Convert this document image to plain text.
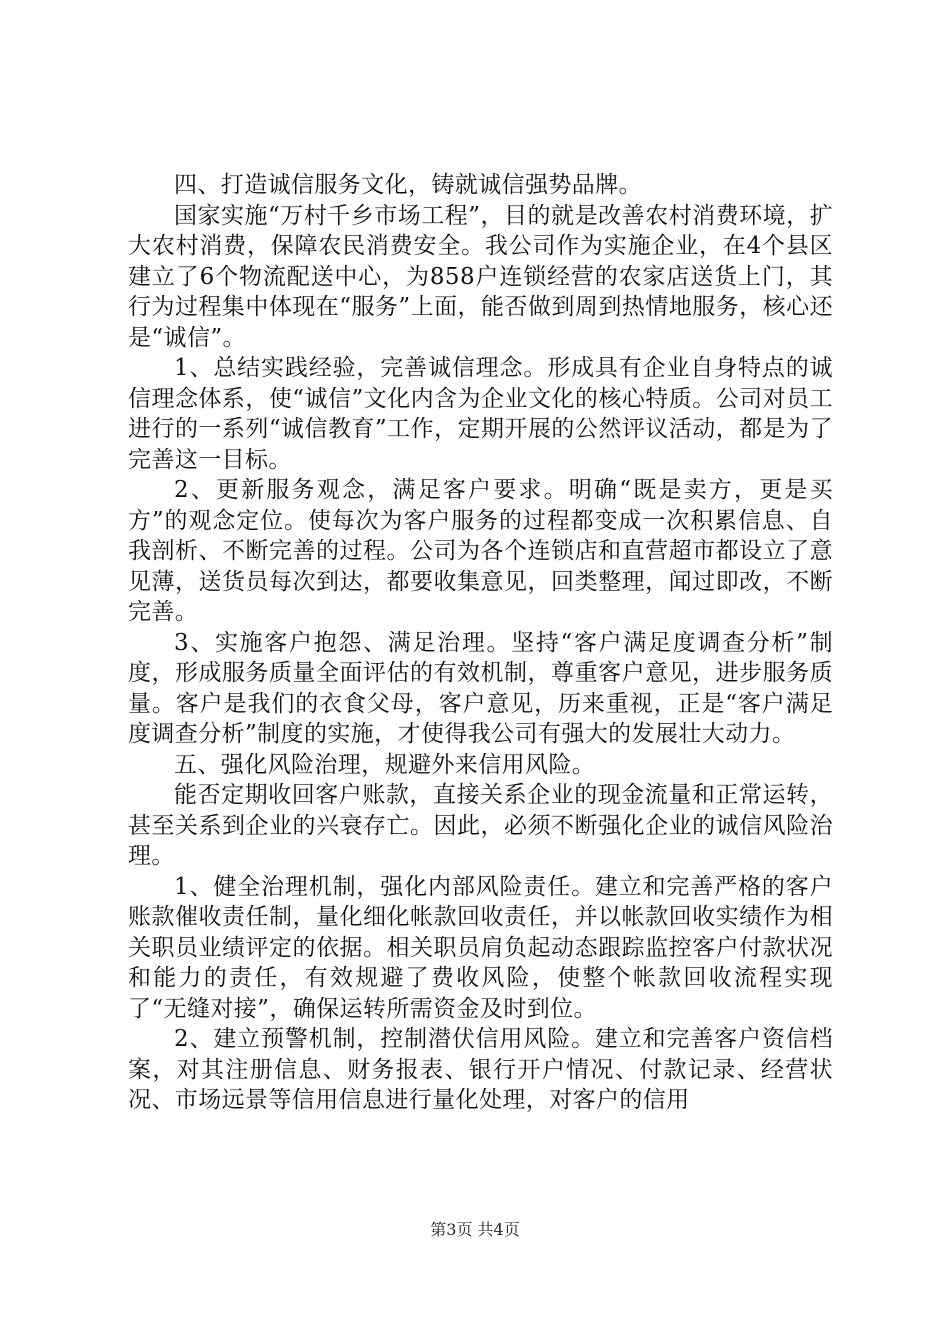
四、打造诚信服务文化，铸就诚信强势品牌。

国家实施“万村千乡市场工程”，目的就是改善农村消费环境，扩大农村消费，保障农民消费安全。我公司作为实施企业，在4个县区建立了6个物流配送中心，为858户连锁经营的农家店送货上门，其行为过程集中体现在“服务”上面，能否做到周到热情地服务，核心还是“诚信”。

1、总结实践经验，完善诚信理念。形成具有企业自身特点的诚信理念体系，使“诚信”文化内含为企业文化的核心特质。公司对员工进行的一系列“诚信教育”工作，定期开展的公然评议活动，都是为了完善这一目标。

2、更新服务观念，满足客户要求。明确“既是卖方，更是买方”的观念定位。使每次为客户服务的过程都变成一次积累信息、自我剖析、不断完善的过程。公司为各个连锁店和直营超市都设立了意见薄，送货员每次到达，都要收集意见，回类整理，闻过即改，不断完善。

3、实施客户抱怨、满足治理。坚持“客户满足度调查分析”制度，形成服务质量全面评估的有效机制，尊重客户意见，进步服务质量。客户是我们的衣食父母，客户意见，历来重视，正是“客户满足度调查分析”制度的实施，才使得我公司有强大的发展壮大动力。

五、强化风险治理，规避外来信用风险。

能否定期收回客户账款，直接关系企业的现金流量和正常运转，甚至关系到企业的兴衰存亡。因此，必须不断强化企业的诚信风险治理。

1、健全治理机制，强化内部风险责任。建立和完善严格的客户账款催收责任制，量化细化帐款回收责任，并以帐款回收实绩作为相关职员业绩评定的依据。相关职员肩负起动态跟踪监控客户付款状况和能力的责任，有效规避了费收风险，使整个帐款回收流程实现了“无缝对接”，确保运转所需资金及时到位。

2、建立预警机制，控制潜伏信用风险。建立和完善客户资信档案，对其注册信息、财务报表、银行开户情况、付款记录、经营状况、市场远景等信用信息进行量化处理，对客户的信用

第3页 共4页
